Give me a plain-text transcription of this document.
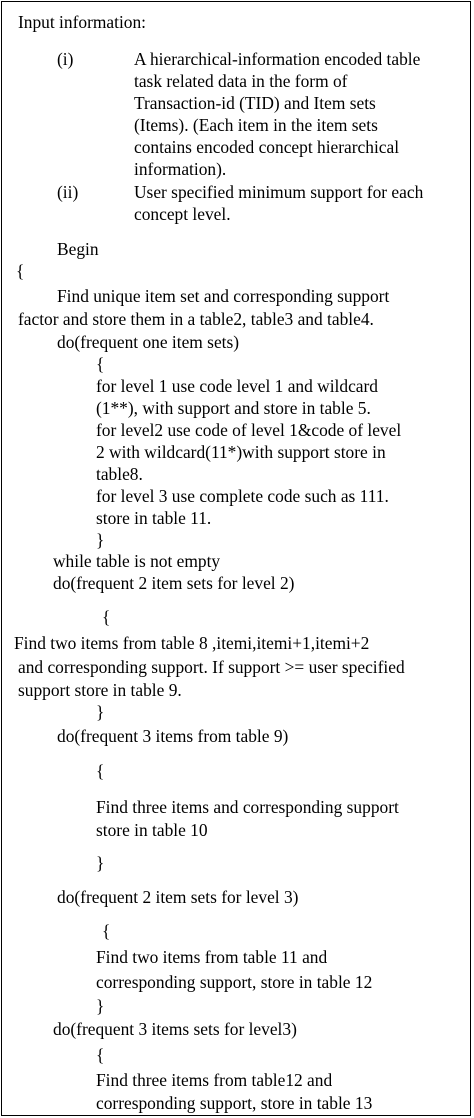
Input information:
(i)	A hierarchical-information encoded table
task related data in the form of
Transaction-id (TID) and Item sets
(Items). (Each item in the item sets
contains encoded concept hierarchical
information).
(ii)	User specified minimum support for each
concept level.
Begin
{
Find unique item set and corresponding support
factor and store them in a table2, table3 and table4.
do(frequent one item sets)
{
for level 1 use code level 1 and wildcard
(1**), with support and store in table 5.
for level2 use code of level 1&code of level
2 with wildcard(11*)with support store in
table8.
for level 3 use complete code such as 111.
store in table 11.
}
while table is not empty
do(frequent 2 item sets for level 2)
{
Find two items from table 8 ,itemi,itemi+1,itemi+2
and corresponding support. If support >= user specified
support store in table 9.
}
do(frequent 3 items from table 9)
{
Find three items and corresponding support
store in table 10
}
do(frequent 2 item sets for level 3)
{
Find two items from table 11 and
corresponding support, store in table 12
}
do(frequent 3 items sets for level3)
{
Find three items from table12 and
corresponding support, store in table 13
